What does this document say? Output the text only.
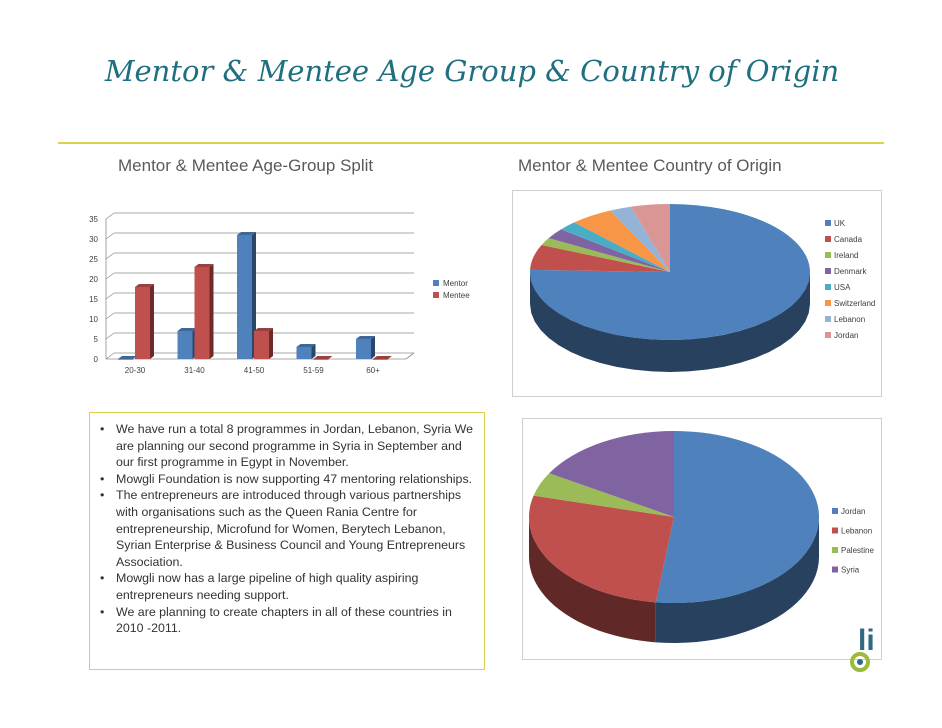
Mentor & Mentee Age Group & Country of Origin
Mentor & Mentee Age-Group Split	Mentor & Mentee Country of Origin
0
5
10
15
20
25
30
35
20-30	31-40	41-50	51-59	60+
Mentor
Mentee
UK
Canada
Ireland
Denmark
USA
Switzerland
Lebanon
Jordan
Jordan
Lebanon
Palestine
Syria
• We have run a total 8 programmes in Jordan, Lebanon, Syria We are planning our second programme in Syria in September and our first programme in Egypt in November.
• Mowgli Foundation is now supporting 47 mentoring relationships.
• The entrepreneurs are introduced through various partnerships with organisations such as the Queen Rania Centre for entrepreneurship, Microfund for Women, Berytech Lebanon, Syrian Enterprise & Business Council and Young Entrepreneurs Association.
• Mowgli now has a large pipeline of high quality aspiring entrepreneurs needing support.
• We are planning to create chapters in all of these countries in 2010 -2011.	li
